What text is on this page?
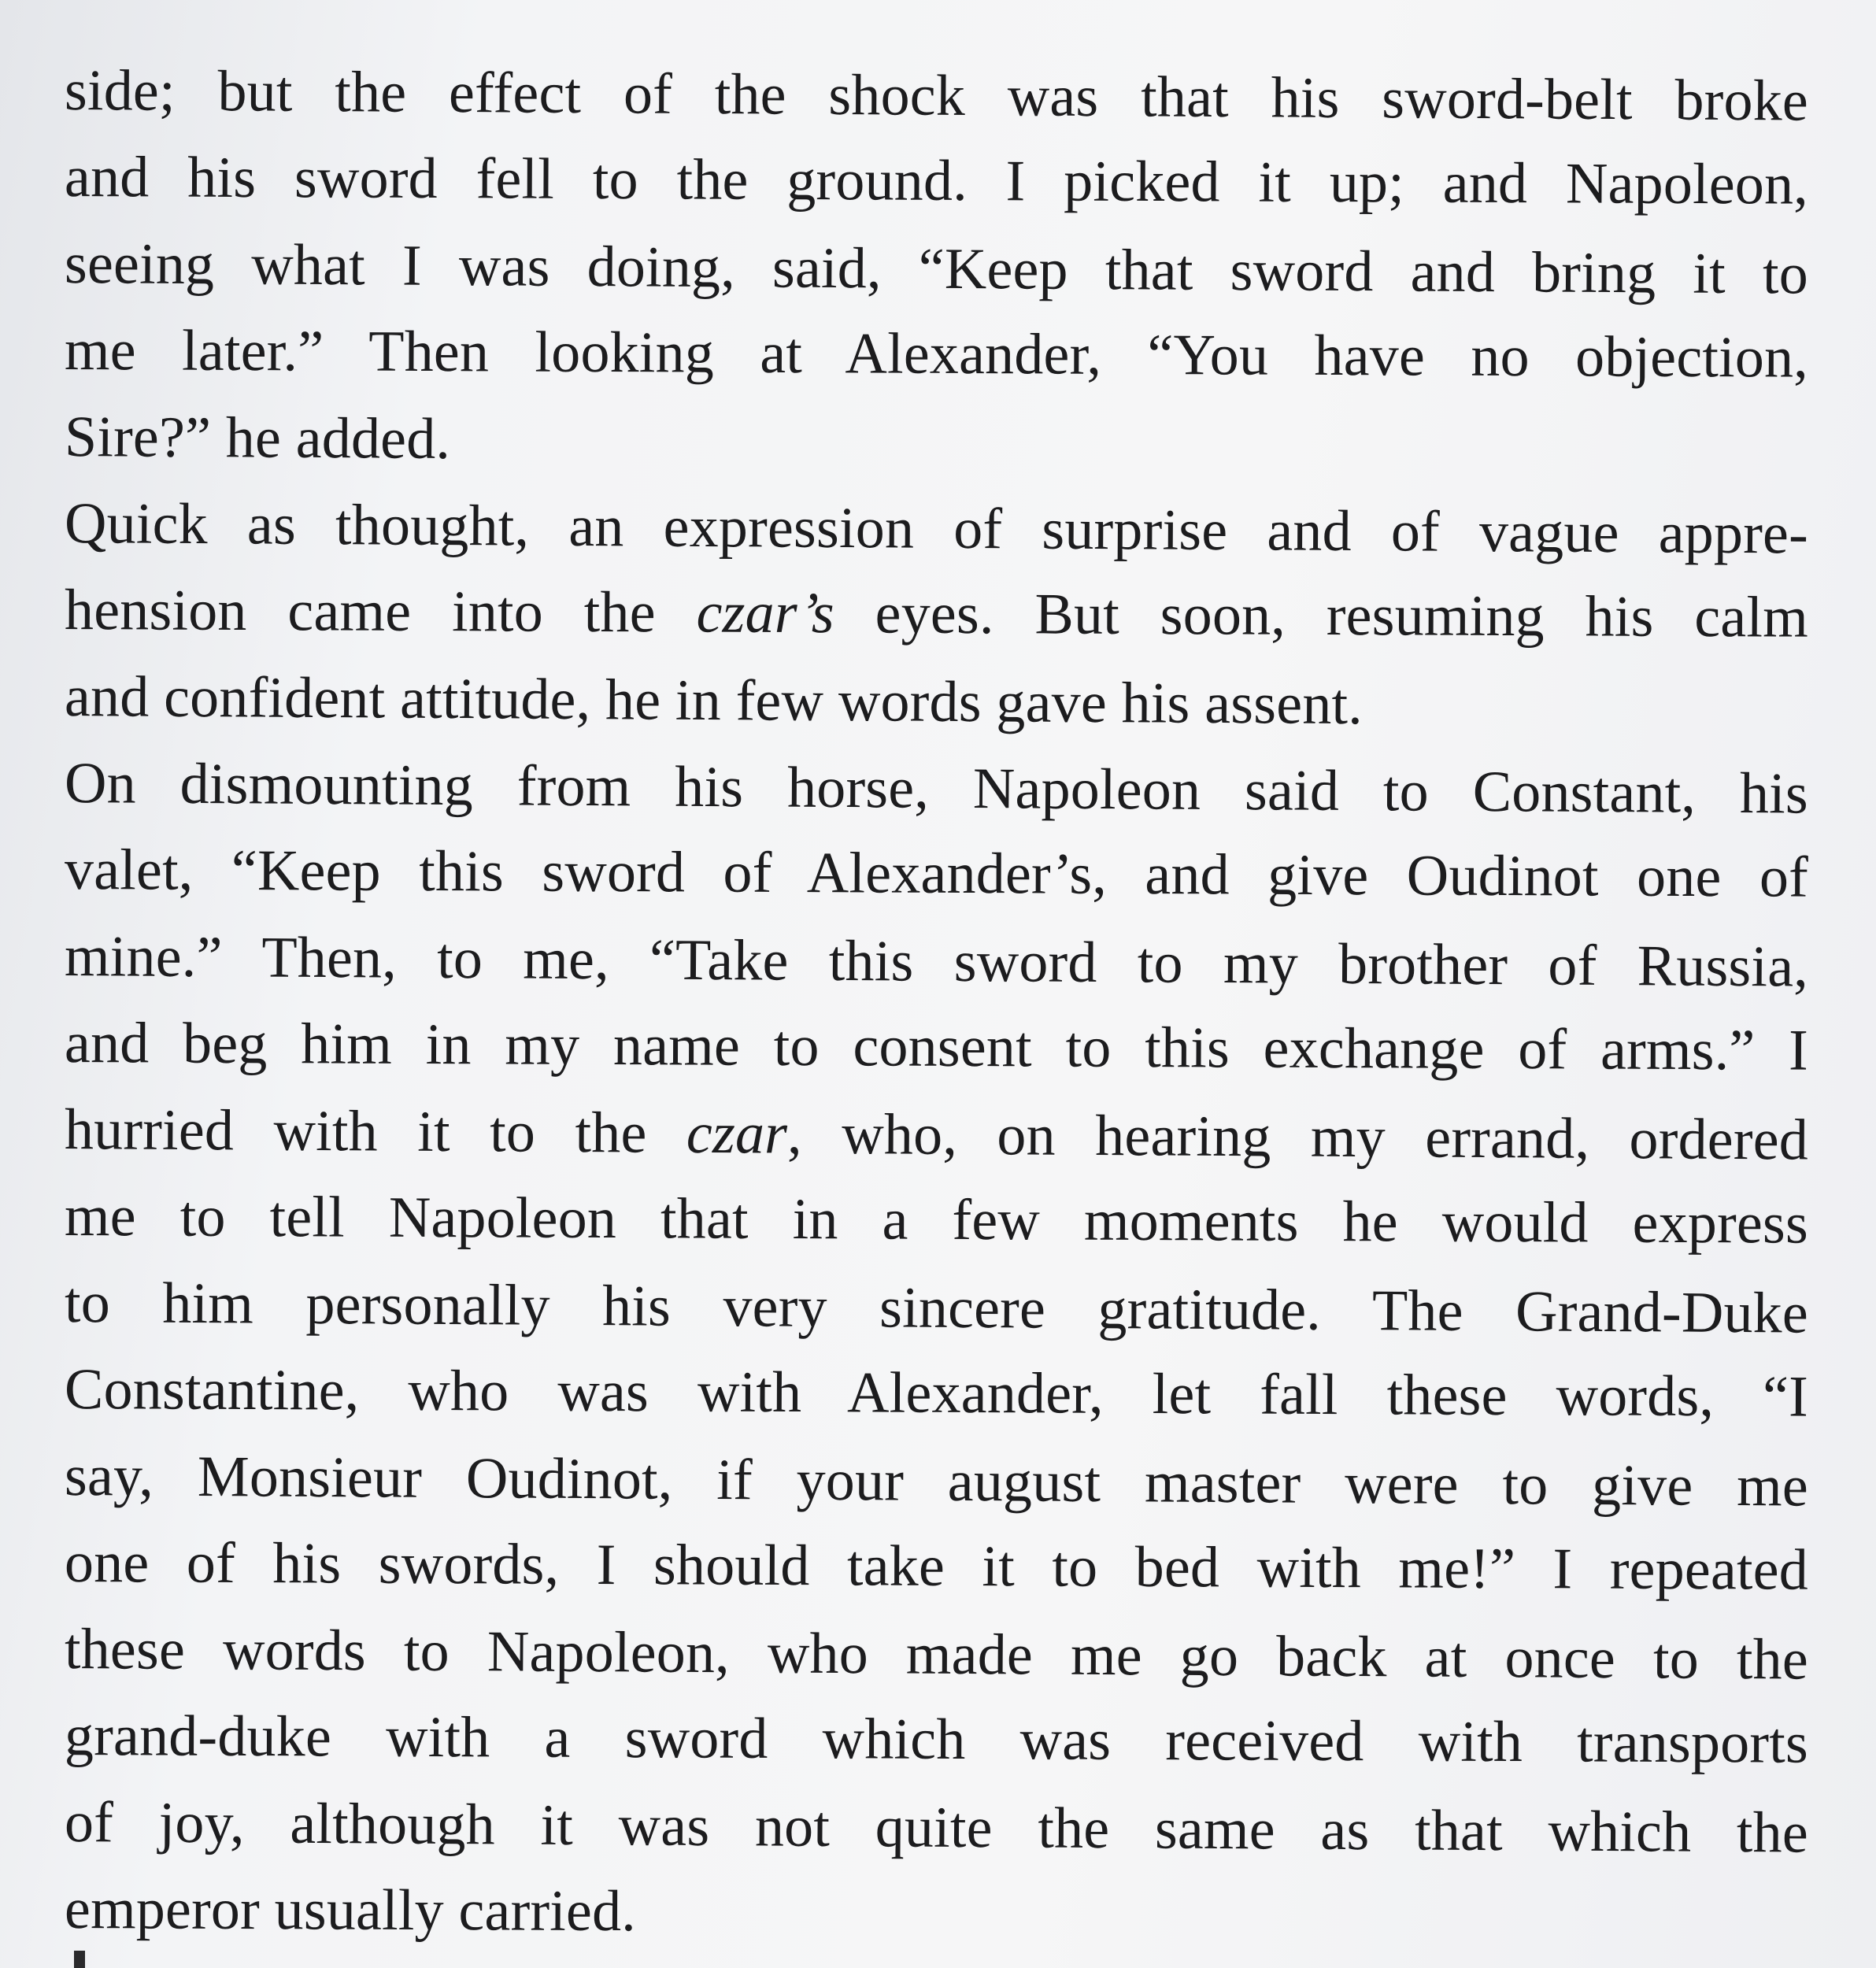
side; but the effect of the shock was that his sword-belt broke
and his sword fell to the ground. I picked it up; and Napoleon,
seeing what I was doing, said, “Keep that sword and bring it to
me later.” Then looking at Alexander, “You have no objection,
Sire?” he added.

Quick as thought, an expression of surprise and of vague appre-
hension came into the czar’s eyes. But soon, resuming his calm
and confident attitude, he in few words gave his assent.

On dismounting from his horse, Napoleon said to Constant, his
valet, “Keep this sword of Alexander’s, and give Oudinot one of
mine.” Then, to me, “Take this sword to my brother of Russia,
and beg him in my name to consent to this exchange of arms.” I
hurried with it to the czar, who, on hearing my errand, ordered
me to tell Napoleon that in a few moments he would express
to him personally his very sincere gratitude. The Grand-Duke
Constantine, who was with Alexander, let fall these words, “I
say, Monsieur Oudinot, if your august master were to give me
one of his swords, I should take it to bed with me!” I repeated
these words to Napoleon, who made me go back at once to the
grand-duke with a sword which was received with transports
of joy, although it was not quite the same as that which the
emperor usually carried.
